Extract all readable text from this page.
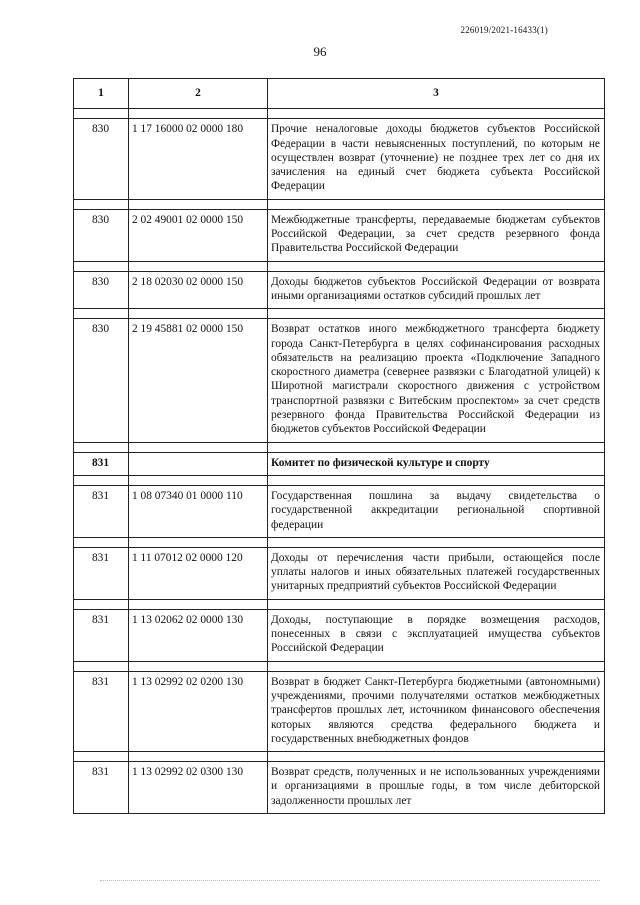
226019/2021-16433(1)
96
1	2	3

830	1 17 16000 02 0000 180	Прочие неналоговые доходы бюджетов субъектов Российской Федерации в части невыясненных поступлений, по которым не осуществлен возврат (уточнение) не позднее трех лет со дня их зачисления на единый счет бюджета субъекта Российской Федерации

830	2 02 49001 02 0000 150	Межбюджетные трансферты, передаваемые бюджетам субъектов Российской Федерации, за счет средств резервного фонда Правительства Российской Федерации

830	2 18 02030 02 0000 150	Доходы бюджетов субъектов Российской Федерации от возврата иными организациями остатков субсидий прошлых лет

830	2 19 45881 02 0000 150	Возврат остатков иного межбюджетного трансферта бюджету города Санкт-Петербурга в целях софинансирования расходных обязательств на реализацию проекта «Подключение Западного скоростного диаметра (севернее развязки с Благодатной улицей) к Широтной магистрали скоростного движения с устройством транспортной развязки с Витебским проспектом» за счет средств резервного фонда Правительства Российской Федерации из бюджетов субъектов Российской Федерации

831		Комитет по физической культуре и спорту

831	1 08 07340 01 0000 110	Государственная пошлина за выдачу свидетельства о государственной аккредитации региональной спортивной федерации

831	1 11 07012 02 0000 120	Доходы от перечисления части прибыли, остающейся после уплаты налогов и иных обязательных платежей государственных унитарных предприятий субъектов Российской Федерации

831	1 13 02062 02 0000 130	Доходы, поступающие в порядке возмещения расходов, понесенных в связи с эксплуатацией имущества субъектов Российской Федерации

831	1 13 02992 02 0200 130	Возврат в бюджет Санкт-Петербурга бюджетными (автономными) учреждениями, прочими получателями остатков межбюджетных трансфертов прошлых лет, источником финансового обеспечения которых являются средства федерального бюджета и государственных внебюджетных фондов

831	1 13 02992 02 0300 130	Возврат средств, полученных и не использованных учреждениями и организациями в прошлые годы, в том числе дебиторской задолженности прошлых лет
